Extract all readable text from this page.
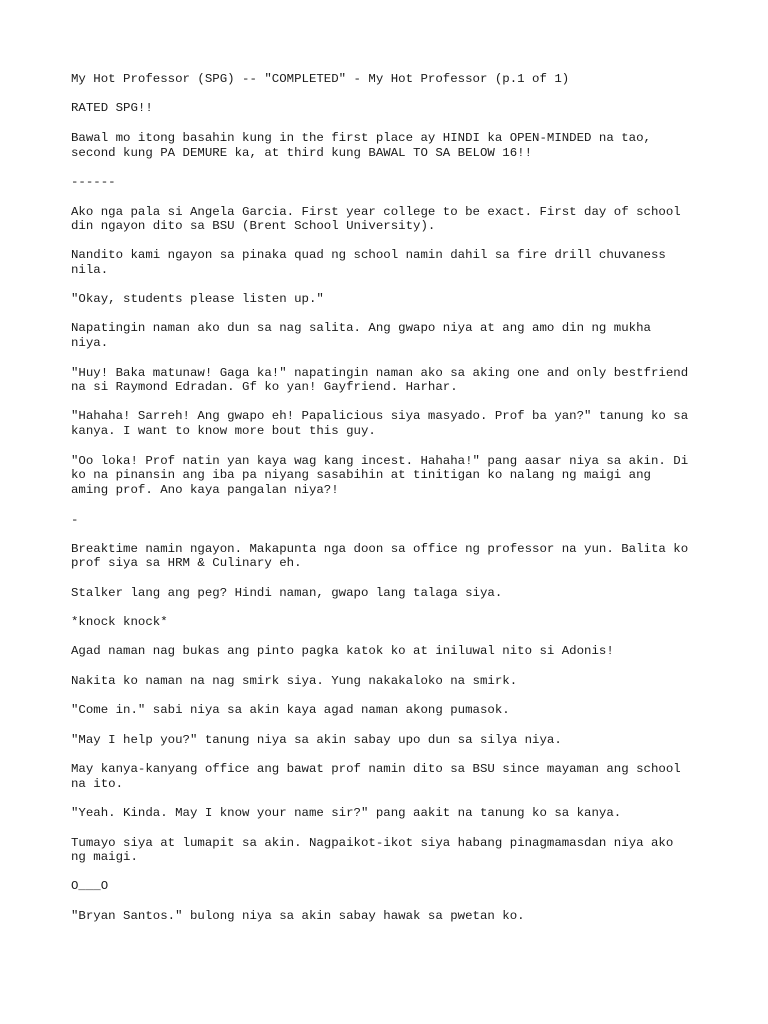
My Hot Professor (SPG) -- "COMPLETED" - My Hot Professor (p.1 of 1)

RATED SPG!!

Bawal mo itong basahin kung in the first place ay HINDI ka OPEN-MINDED na tao,

second kung PA DEMURE ka, at third kung BAWAL TO SA BELOW 16!!

------

Ako nga pala si Angela Garcia. First year college to be exact. First day of school

din ngayon dito sa BSU (Brent School University).

Nandito kami ngayon sa pinaka quad ng school namin dahil sa fire drill chuvaness

nila.

"Okay, students please listen up."

Napatingin naman ako dun sa nag salita. Ang gwapo niya at ang amo din ng mukha

niya.

"Huy! Baka matunaw! Gaga ka!" napatingin naman ako sa aking one and only bestfriend

na si Raymond Edradan. Gf ko yan! Gayfriend. Harhar.

"Hahaha! Sarreh! Ang gwapo eh! Papalicious siya masyado. Prof ba yan?" tanung ko sa

kanya. I want to know more bout this guy.

"Oo loka! Prof natin yan kaya wag kang incest. Hahaha!" pang aasar niya sa akin. Di

ko na pinansin ang iba pa niyang sasabihin at tinitigan ko nalang ng maigi ang

aming prof. Ano kaya pangalan niya?!

-

Breaktime namin ngayon. Makapunta nga doon sa office ng professor na yun. Balita ko

prof siya sa HRM & Culinary eh.

Stalker lang ang peg? Hindi naman, gwapo lang talaga siya.

*knock knock*

Agad naman nag bukas ang pinto pagka katok ko at iniluwal nito si Adonis!

Nakita ko naman na nag smirk siya. Yung nakakaloko na smirk.

"Come in." sabi niya sa akin kaya agad naman akong pumasok.

"May I help you?" tanung niya sa akin sabay upo dun sa silya niya.

May kanya-kanyang office ang bawat prof namin dito sa BSU since mayaman ang school

na ito.

"Yeah. Kinda. May I know your name sir?" pang aakit na tanung ko sa kanya.

Tumayo siya at lumapit sa akin. Nagpaikot-ikot siya habang pinagmamasdan niya ako

ng maigi.

O___O

"Bryan Santos." bulong niya sa akin sabay hawak sa pwetan ko.
